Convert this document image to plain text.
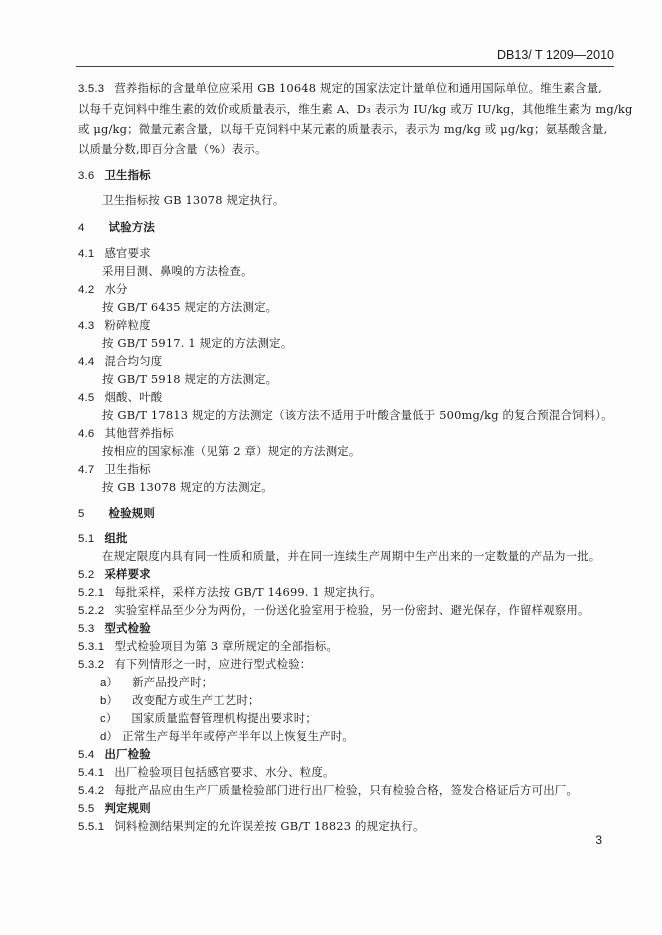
DB13/ T 1209—2010
3.5.3 营养指标的含量单位应采用 GB 10648 规定的国家法定计量单位和通用国际单位。维生素含量,
以每千克饲料中维生素的效价或质量表示，维生素 A、D₃ 表示为 IU/kg 或万 IU/kg，其他维生素为 mg/kg
或 μg/kg；微量元素含量，以每千克饲料中某元素的质量表示，表示为 mg/kg 或 μg/kg；氨基酸含量,
以质量分数,即百分含量（%）表示。
3.6 卫生指标
卫生指标按 GB 13078 规定执行。
4 试验方法
4.1 感官要求
采用目测、鼻嗅的方法检查。
4.2 水分
按 GB/T 6435 规定的方法测定。
4.3 粉碎粒度
按 GB/T 5917. 1 规定的方法测定。
4.4 混合均匀度
按 GB/T 5918 规定的方法测定。
4.5 烟酸、叶酸
按 GB/T 17813 规定的方法测定（该方法不适用于叶酸含量低于 500mg/kg 的复合预混合饲料）。
4.6 其他营养指标
按相应的国家标准（见第 2 章）规定的方法测定。
4.7 卫生指标
按 GB 13078 规定的方法测定。
5 检验规则
5.1 组批
在规定限度内具有同一性质和质量，并在同一连续生产周期中生产出来的一定数量的产品为一批。
5.2 采样要求
5.2.1 每批采样，采样方法按 GB/T 14699. 1 规定执行。
5.2.2 实验室样品至少分为两份，一份送化验室用于检验，另一份密封、避光保存，作留样观察用。
5.3 型式检验
5.3.1 型式检验项目为第 3 章所规定的全部指标。
5.3.2 有下列情形之一时，应进行型式检验：
a） 新产品投产时；
b） 改变配方或生产工艺时；
c） 国家质量监督管理机构提出要求时；
d） 正常生产每半年或停产半年以上恢复生产时。
5.4 出厂检验
5.4.1 出厂检验项目包括感官要求、水分、粒度。
5.4.2 每批产品应由生产厂质量检验部门进行出厂检验，只有检验合格，签发合格证后方可出厂。
5.5 判定规则
5.5.1 饲料检测结果判定的允许误差按 GB/T 18823 的规定执行。
3
